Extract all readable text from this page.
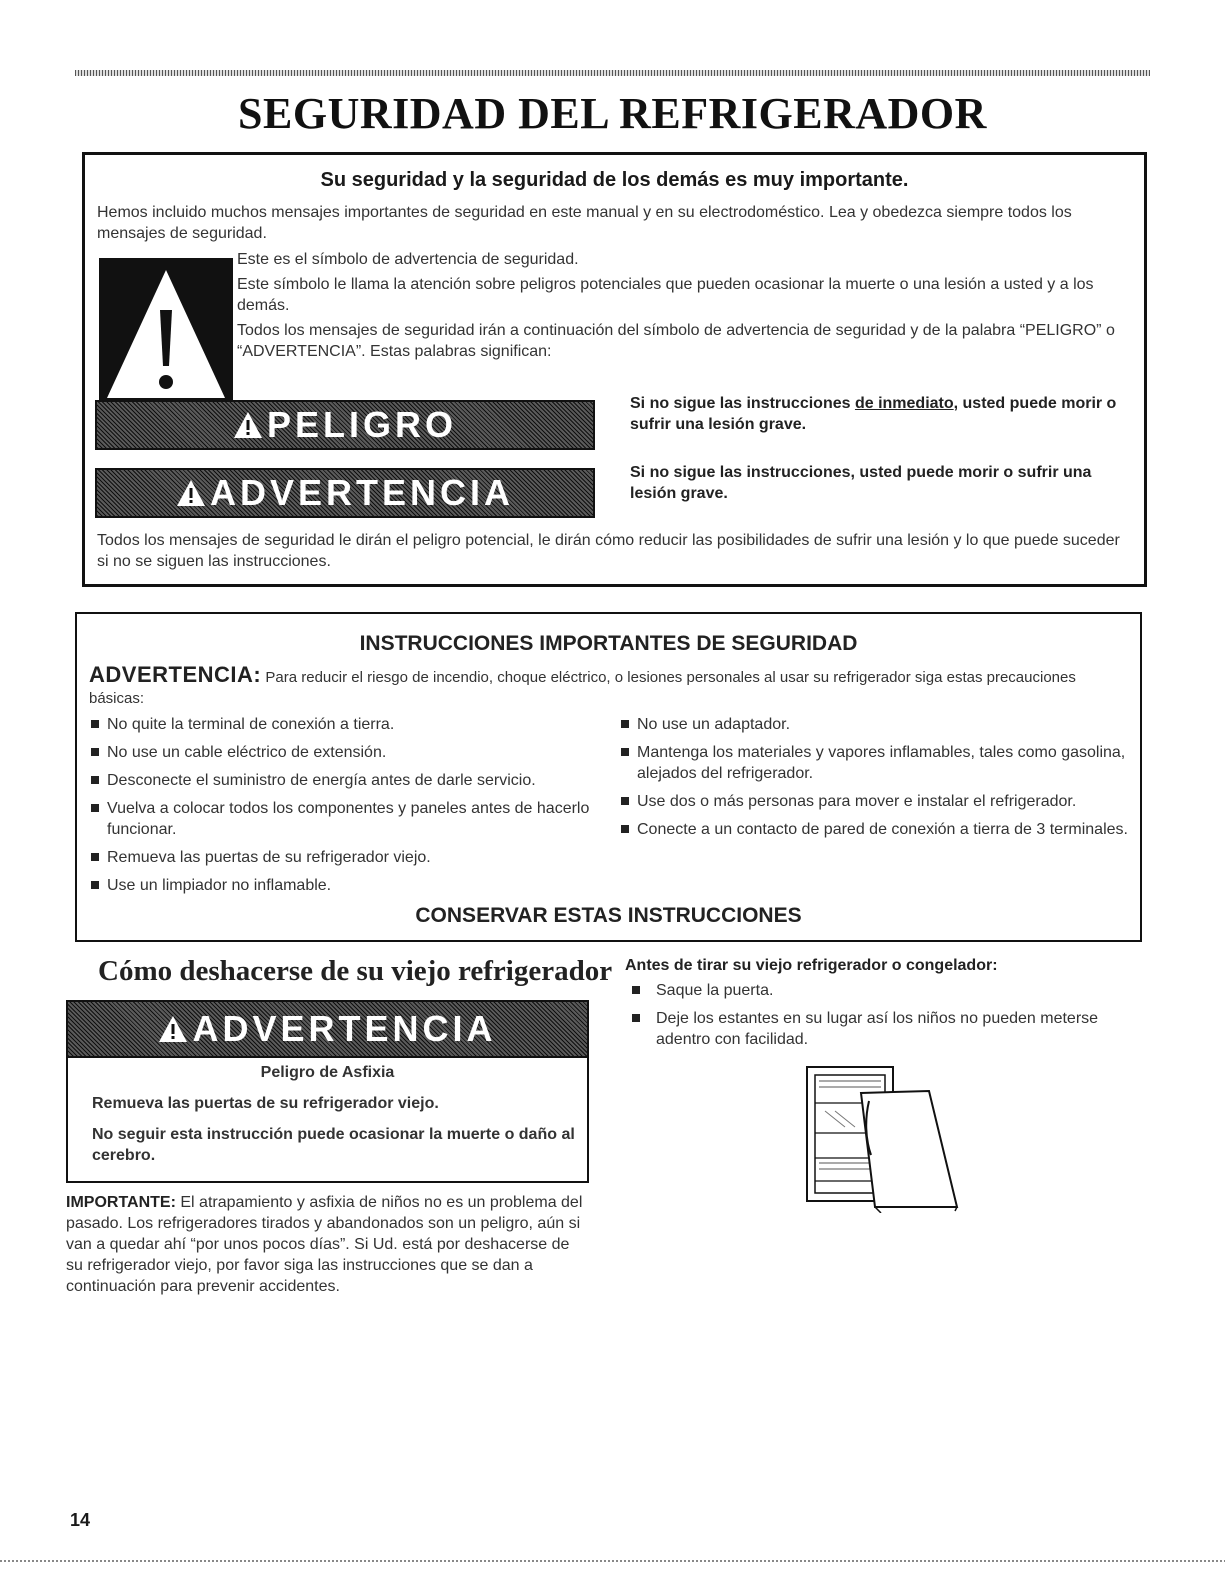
SEGURIDAD DEL REFRIGERADOR
Su seguridad y la seguridad de los demás es muy importante.

Hemos incluido muchos mensajes importantes de seguridad en este manual y en su electrodoméstico. Lea y obedezca siempre todos los mensajes de seguridad.

Este es el símbolo de advertencia de seguridad.

Este símbolo le llama la atención sobre peligros potenciales que pueden ocasionar la muerte o una lesión a usted y a los demás.

Todos los mensajes de seguridad irán a continuación del símbolo de advertencia de seguridad y de la palabra “PELIGRO” o “ADVERTENCIA”. Estas palabras significan:

PELIGRO
Si no sigue las instrucciones de inmediato, usted puede morir o sufrir una lesión grave.
ADVERTENCIA	Si no sigue las instrucciones, usted puede morir o sufrir una lesión grave.

Todos los mensajes de seguridad le dirán el peligro potencial, le dirán cómo reducir las posibilidades de sufrir una lesión y lo que puede suceder si no se siguen las instrucciones.

INSTRUCCIONES IMPORTANTES DE SEGURIDAD

ADVERTENCIA: Para reducir el riesgo de incendio, choque eléctrico, o lesiones personales al usar su refrigerador siga estas precauciones básicas:

No quite la terminal de conexión a tierra.
No use un cable eléctrico de extensión.
Desconecte el suministro de energía antes de darle servicio.
Vuelva a colocar todos los componentes y paneles antes de hacerlo funcionar.
Remueva las puertas de su refrigerador viejo.
Use un limpiador no inflamable.
No use un adaptador.
Mantenga los materiales y vapores inflamables, tales como gasolina, alejados del refrigerador.
Use dos o más personas para mover e instalar el refrigerador.
Conecte a un contacto de pared de conexión a tierra de 3 terminales.
CONSERVAR ESTAS INSTRUCCIONES
Cómo deshacerse de su viejo refrigerador
ADVERTENCIA
Peligro de Asfixia
Remueva las puertas de su refrigerador viejo.
No seguir esta instrucción puede ocasionar la muerte o daño al cerebro.

IMPORTANTE: El atrapamiento y asfixia de niños no es un problema del pasado. Los refrigeradores tirados y abandonados son un peligro, aún si van a quedar ahí “por unos pocos días”. Si Ud. está por deshacerse de su refrigerador viejo, por favor siga las instrucciones que se dan a continuación para prevenir accidentes.

Antes de tirar su viejo refrigerador o congelador:
Saque la puerta.
Deje los estantes en su lugar así los niños no pueden meterse adentro con facilidad.
14
